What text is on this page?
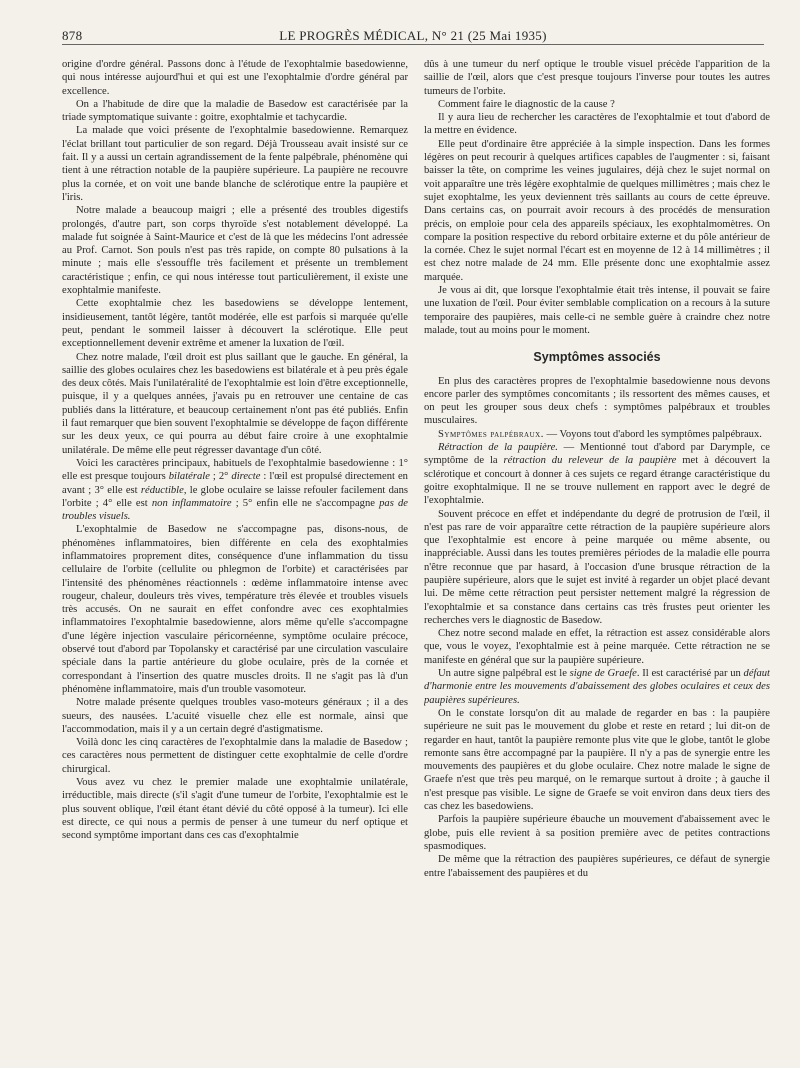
878	LE PROGRÈS MÉDICAL, N° 21 (25 Mai 1935)

origine d'ordre général. Passons donc à l'étude de l'exophtalmie basedowienne, qui nous intéresse aujourd'hui et qui est une l'exophtalmie d'ordre général par excellence.

On a l'habitude de dire que la maladie de Basedow est caractérisée par la triade symptomatique suivante : goitre, exophtalmie et tachycardie.

La malade que voici présente de l'exophtalmie basedowienne. Remarquez l'éclat brillant tout particulier de son regard. Déjà Trousseau avait insisté sur ce fait. Il y a aussi un certain agrandissement de la fente palpébrale, phénomène qui tient à une rétraction notable de la paupière supérieure. La paupière ne recouvre plus la cornée, et on voit une bande blanche de sclérotique entre la paupière et l'iris.

Notre malade a beaucoup maigri ; elle a présenté des troubles digestifs prolongés, d'autre part, son corps thyroïde s'est notablement développé. La malade fut soignée à Saint-Maurice et c'est de là que les médecins l'ont adressée au Prof. Carnot. Son pouls n'est pas très rapide, on compte 80 pulsations à la minute ; mais elle s'essouffle très facilement et présente un tremblement caractéristique ; enfin, ce qui nous intéresse tout particulièrement, il existe une exophtalmie manifeste.

Cette exophtalmie chez les basedowiens se développe lentement, insidieusement, tantôt légère, tantôt modérée, elle est parfois si marquée qu'elle peut, pendant le sommeil laisser à découvert la sclérotique. Elle peut exceptionnellement devenir extrême et amener la luxation de l'œil.

Chez notre malade, l'œil droit est plus saillant que le gauche. En général, la saillie des globes oculaires chez les basedowiens est bilatérale et à peu près égale des deux côtés. Mais l'unilatéralité de l'exophtalmie est loin d'être exceptionnelle, puisque, il y a quelques années, j'avais pu en retrouver une centaine de cas publiés dans la littérature, et beaucoup certainement n'ont pas été publiés. Enfin il faut remarquer que bien souvent l'exophtalmie se développe de façon différente sur les deux yeux, ce qui pourra au début faire croire à une exophtalmie unilatérale. De même elle peut régresser davantage d'un côté.

Voici les caractères principaux, habituels de l'exophtalmie basedowienne : 1° elle est presque toujours bilatérale ; 2° directe : l'œil est propulsé directement en avant ; 3° elle est réductible, le globe oculaire se laisse refouler facilement dans l'orbite ; 4° elle est non inflammatoire ; 5° enfin elle ne s'accompagne pas de troubles visuels.

L'exophtalmie de Basedow ne s'accompagne pas, disons-nous, de phénomènes inflammatoires, bien différente en cela des exophtalmies inflammatoires proprement dites, conséquence d'une inflammation du tissu cellulaire de l'orbite (cellulite ou phlegmon de l'orbite) et caractérisées par l'intensité des phénomènes réactionnels : œdème inflammatoire intense avec rougeur, chaleur, douleurs très vives, température très élevée et troubles visuels très accusés. On ne saurait en effet confondre avec ces exophtalmies inflammatoires l'exophtalmie basedowienne, alors même qu'elle s'accompagne d'une légère injection vasculaire péricornéenne, symptôme oculaire précoce, observé tout d'abord par Topolansky et caractérisé par une circulation vasculaire spéciale dans la partie antérieure du globe oculaire, près de la cornée et correspondant à l'insertion des quatre muscles droits. Il ne s'agit pas là d'un phénomène inflammatoire, mais d'un trouble vasomoteur.

Notre malade présente quelques troubles vaso-moteurs généraux ; il a des sueurs, des nausées. L'acuité visuelle chez elle est normale, ainsi que l'accommodation, mais il y a un certain degré d'astigmatisme.

Voilà donc les cinq caractères de l'exophtalmie dans la maladie de Basedow ; ces caractères nous permettent de distinguer cette exophtalmie de celle d'ordre chirurgical.

Vous avez vu chez le premier malade une exophtalmie unilatérale, irréductible, mais directe (s'il s'agit d'une tumeur de l'orbite, l'exophtalmie est le plus souvent oblique, l'œil étant étant dévié du côté opposé à la tumeur). Ici elle est directe, ce qui nous a permis de penser à une tumeur du nerf optique et second symptôme important dans ces cas d'exophtalmie

dûs à une tumeur du nerf optique le trouble visuel précède l'apparition de la saillie de l'œil, alors que c'est presque toujours l'inverse pour toutes les autres tumeurs de l'orbite.

Comment faire le diagnostic de la cause ?

Il y aura lieu de rechercher les caractères de l'exophtalmie et tout d'abord de la mettre en évidence.

Elle peut d'ordinaire être appréciée à la simple inspection. Dans les formes légères on peut recourir à quelques artifices capables de l'augmenter : si, faisant baisser la tête, on comprime les veines jugulaires, déjà chez le sujet normal on voit apparaître une très légère exophtalmie de quelques millimètres ; mais chez le sujet exophtalme, les yeux deviennent très saillants au cours de cette épreuve. Dans certains cas, on pourrait avoir recours à des procédés de mensuration précis, on emploie pour cela des appareils spéciaux, les exophtalmomètres. On compare la position respective du rebord orbitaire externe et du pôle antérieur de la cornée. Chez le sujet normal l'écart est en moyenne de 12 à 14 millimètres ; il est chez notre malade de 24 mm. Elle présente donc une exophtalmie assez marquée.

Je vous ai dit, que lorsque l'exophtalmie était très intense, il pouvait se faire une luxation de l'œil. Pour éviter semblable complication on a recours à la suture temporaire des paupières, mais celle-ci ne semble guère à craindre chez notre malade, tout au moins pour le moment.

Symptômes associés

En plus des caractères propres de l'exophtalmie basedowienne nous devons encore parler des symptômes concomitants ; ils ressortent des mêmes causes, et on peut les grouper sous deux chefs : symptômes palpébraux et troubles musculaires.

Symptômes palpébraux. — Voyons tout d'abord les symptômes palpébraux.

Rétraction de la paupière. — Mentionné tout d'abord par Darymple, ce symptôme de la rétraction du releveur de la paupière met à découvert la sclérotique et concourt à donner à ces sujets ce regard étrange caractéristique du goitre exophtalmique. Il ne se trouve nullement en rapport avec le degré de l'exophtalmie.

Souvent précoce en effet et indépendante du degré de protrusion de l'œil, il n'est pas rare de voir apparaître cette rétraction de la paupière supérieure alors que l'exophtalmie est encore à peine marquée ou même absente, ou inappréciable. Aussi dans les toutes premières périodes de la maladie elle pourra n'être reconnue que par hasard, à l'occasion d'une brusque rétraction de la paupière supérieure, alors que le sujet est invité à regarder un objet placé devant lui. De même cette rétraction peut persister nettement malgré la régression de l'exophtalmie et sa constance dans certains cas très frustes peut orienter les recherches vers le diagnostic de Basedow.

Chez notre second malade en effet, la rétraction est assez considérable alors que, vous le voyez, l'exophtalmie est à peine marquée. Cette rétraction ne se manifeste en général que sur la paupière supérieure.

Un autre signe palpébral est le signe de Graefe. Il est caractérisé par un défaut d'harmonie entre les mouvements d'abaissement des globes oculaires et ceux des paupières supérieures.

On le constate lorsqu'on dit au malade de regarder en bas : la paupière supérieure ne suit pas le mouvement du globe et reste en retard ; lui dit-on de regarder en haut, tantôt la paupière remonte plus vite que le globe, tantôt le globe remonte sans être accompagné par la paupière. Il n'y a pas de synergie entre les mouvements des paupières et du globe oculaire. Chez notre malade le signe de Graefe n'est que très peu marqué, on le remarque surtout à droite ; à gauche il n'est presque pas visible. Le signe de Graefe se voit environ dans deux tiers des cas chez les basedowiens.

Parfois la paupière supérieure ébauche un mouvement d'abaissement avec le globe, puis elle revient à sa position première avec de petites contractions spasmodiques.

De même que la rétraction des paupières supérieures, ce défaut de synergie entre l'abaissement des paupières et du
